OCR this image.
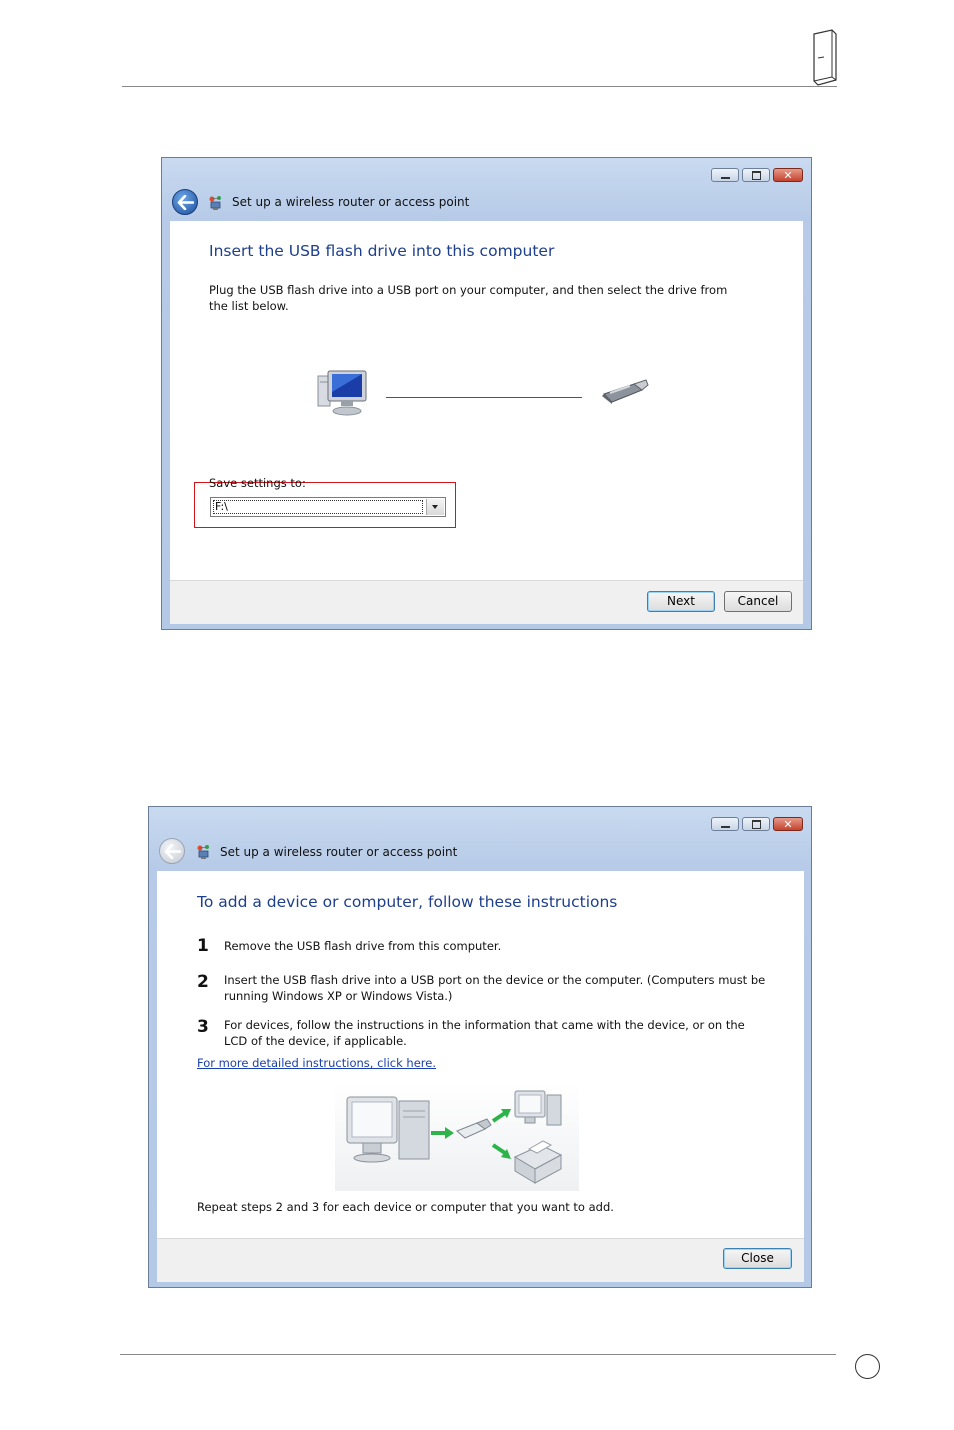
✕
Set up a wireless router or access point
Next	Cancel
Insert the USB flash drive into this computer
Plug the USB flash drive into a USB port on your computer, and then select the drive from
the list below.
Save settings to:
F:\
✕
Set up a wireless router or access point
Close
To add a device or computer, follow these instructions
1 Remove the USB flash drive from this computer.
2 Insert the USB flash drive into a USB port on the device or the computer. (Computers must be
running Windows XP or Windows Vista.)
3 For devices, follow the instructions in the information that came with the device, or on the
LCD of the device, if applicable.
For more detailed instructions, click here.
Repeat steps 2 and 3 for each device or computer that you want to add.
